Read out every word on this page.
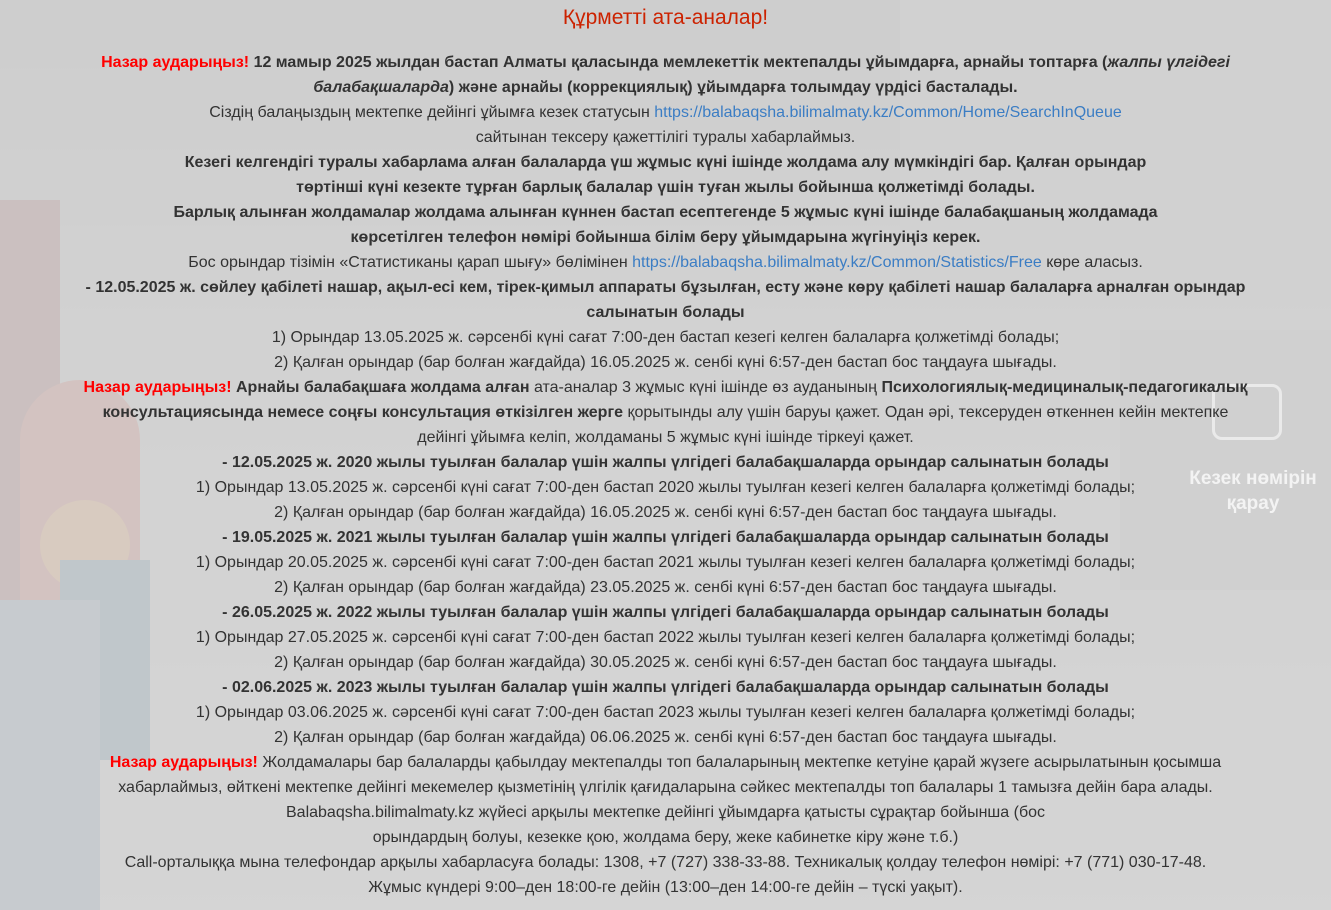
Кезек нөмірін
қарау
Құрметті ата-аналар!
Назар аударыңыз! 12 мамыр 2025 жылдан бастап Алматы қаласында мемлекеттік мектепалды ұйымдарға, арнайы топтарға (жалпы үлгідегі
балабақшаларда) және арнайы (коррекциялық) ұйымдарға толымдау үрдісі басталады.
Сіздің балаңыздың мектепке дейінгі ұйымға кезек статусын https://balabaqsha.bilimalmaty.kz/Common/Home/SearchInQueue
сайтынан тексеру қажеттілігі туралы хабарлаймыз.
Кезегі келгендігі туралы хабарлама алған балаларда үш жұмыс күні ішінде жолдама алу мүмкіндігі бар. Қалған орындар
төртінші күні кезекте тұрған барлық балалар үшін туған жылы бойынша қолжетімді болады.
Барлық алынған жолдамалар жолдама алынған күннен бастап есептегенде 5 жұмыс күні ішінде балабақшаның жолдамада
көрсетілген телефон нөмірі бойынша білім беру ұйымдарына жүгінуіңіз керек.
Бос орындар тізімін «Статистиканы қарап шығу» бөлімінен https://balabaqsha.bilimalmaty.kz/Common/Statistics/Free көре аласыз.
- 12.05.2025 ж. сөйлеу қабілеті нашар, ақыл-есі кем, тірек-қимыл аппараты бұзылған, есту және көру қабілеті нашар балаларға арналған орындар
салынатын болады
1) Орындар 13.05.2025 ж. сәрсенбі күні сағат 7:00-ден бастап кезегі келген балаларға қолжетімді болады;
2) Қалған орындар (бар болған жағдайда) 16.05.2025 ж. сенбі күні 6:57-ден бастап бос таңдауға шығады.
Назар аударыңыз! Арнайы балабақшаға жолдама алған ата-аналар 3 жұмыс күні ішінде өз ауданының Психологиялық-медициналық-педагогикалық
консультациясында немесе соңғы консультация өткізілген жерге қорытынды алу үшін баруы қажет. Одан әрі, тексеруден өткеннен кейін мектепке
дейінгі ұйымға келіп, жолдаманы 5 жұмыс күні ішінде тіркеуі қажет.
- 12.05.2025 ж. 2020 жылы туылған балалар үшін жалпы үлгідегі балабақшаларда орындар салынатын болады
1) Орындар 13.05.2025 ж. сәрсенбі күні сағат 7:00-ден бастап 2020 жылы туылған кезегі келген балаларға қолжетімді болады;
2) Қалған орындар (бар болған жағдайда) 16.05.2025 ж. сенбі күні 6:57-ден бастап бос таңдауға шығады.
- 19.05.2025 ж. 2021 жылы туылған балалар үшін жалпы үлгідегі балабақшаларда орындар салынатын болады
1) Орындар 20.05.2025 ж. сәрсенбі күні сағат 7:00-ден бастап 2021 жылы туылған кезегі келген балаларға қолжетімді болады;
2) Қалған орындар (бар болған жағдайда) 23.05.2025 ж. сенбі күні 6:57-ден бастап бос таңдауға шығады.
- 26.05.2025 ж. 2022 жылы туылған балалар үшін жалпы үлгідегі балабақшаларда орындар салынатын болады
1) Орындар 27.05.2025 ж. сәрсенбі күні сағат 7:00-ден бастап 2022 жылы туылған кезегі келген балаларға қолжетімді болады;
2) Қалған орындар (бар болған жағдайда) 30.05.2025 ж. сенбі күні 6:57-ден бастап бос таңдауға шығады.
- 02.06.2025 ж. 2023 жылы туылған балалар үшін жалпы үлгідегі балабақшаларда орындар салынатын болады
1) Орындар 03.06.2025 ж. сәрсенбі күні сағат 7:00-ден бастап 2023 жылы туылған кезегі келген балаларға қолжетімді болады;
2) Қалған орындар (бар болған жағдайда) 06.06.2025 ж. сенбі күні 6:57-ден бастап бос таңдауға шығады.
Назар аударыңыз! Жолдамалары бар балаларды қабылдау мектепалды топ балаларының мектепке кетуіне қарай жүзеге асырылатынын қосымша
хабарлаймыз, өйткені мектепке дейінгі мекемелер қызметінің үлгілік қағидаларына сәйкес мектепалды топ балалары 1 тамызға дейін бара алады.
Balabaqsha.bilimalmaty.kz жүйесі арқылы мектепке дейінгі ұйымдарға қатысты сұрақтар бойынша (бос
орындардың болуы, кезекке қою, жолдама беру, жеке кабинетке кіру және т.б.)
Call-орталыққа мына телефондар арқылы хабарласуға болады: 1308, +7 (727) 338-33-88. Техникалық қолдау телефон нөмірі: +7 (771) 030-17-48.
Жұмыс күндері 9:00–ден 18:00-ге дейін (13:00–ден 14:00-ге дейін – түскі уақыт).
